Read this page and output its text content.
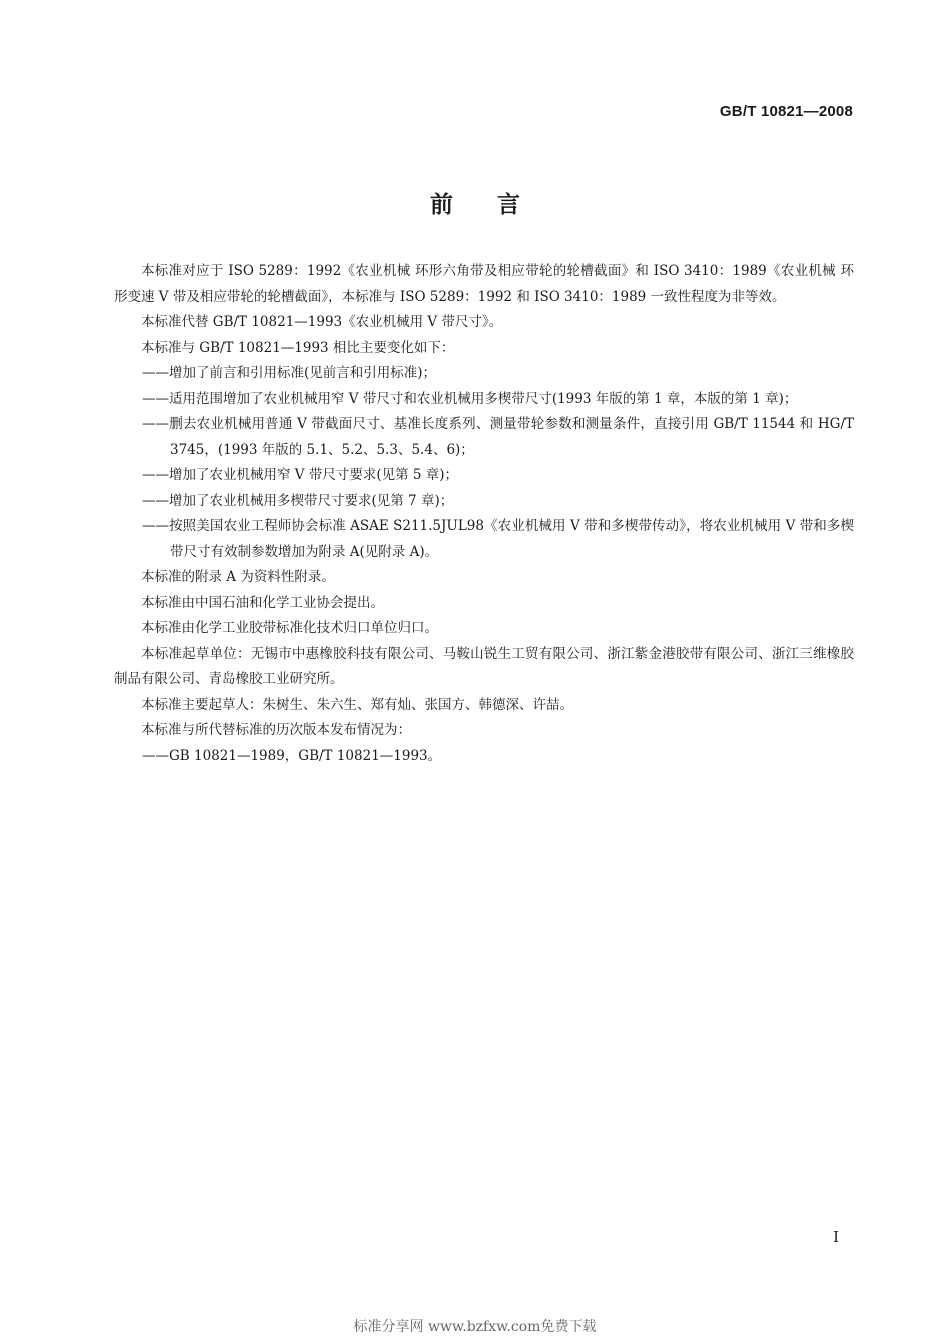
GB/T 10821—2008
前言

本标准对应于 ISO 5289：1992《农业机械 环形六角带及相应带轮的轮槽截面》和 ISO 3410：1989《农业机械 环形变速 V 带及相应带轮的轮槽截面》，本标准与 ISO 5289：1992 和 ISO 3410：1989 一致性程度为非等效。

本标准代替 GB/T 10821—1993《农业机械用 V 带尺寸》。

本标准与 GB/T 10821—1993 相比主要变化如下：

——增加了前言和引用标准(见前言和引用标准)；

——适用范围增加了农业机械用窄 V 带尺寸和农业机械用多楔带尺寸(1993 年版的第 1 章，本版的第 1 章)；

——删去农业机械用普通 V 带截面尺寸、基准长度系列、测量带轮参数和测量条件，直接引用 GB/T 11544 和 HG/T 3745，(1993 年版的 5.1、5.2、5.3、5.4、6)；

——增加了农业机械用窄 V 带尺寸要求(见第 5 章)；

——增加了农业机械用多楔带尺寸要求(见第 7 章)；

——按照美国农业工程师协会标准 ASAE S211.5JUL98《农业机械用 V 带和多楔带传动》，将农业机械用 V 带和多楔带尺寸有效制参数增加为附录 A(见附录 A)。

本标准的附录 A 为资料性附录。

本标准由中国石油和化学工业协会提出。

本标准由化学工业胶带标准化技术归口单位归口。

本标准起草单位：无锡市中惠橡胶科技有限公司、马鞍山锐生工贸有限公司、浙江紫金港胶带有限公司、浙江三维橡胶制品有限公司、青岛橡胶工业研究所。

本标准主要起草人：朱树生、朱六生、郑有灿、张国方、韩德深、许喆。

本标准与所代替标准的历次版本发布情况为：

——GB 10821—1989，GB/T 10821—1993。

I
标准分享网 www.bzfxw.com免费下载
